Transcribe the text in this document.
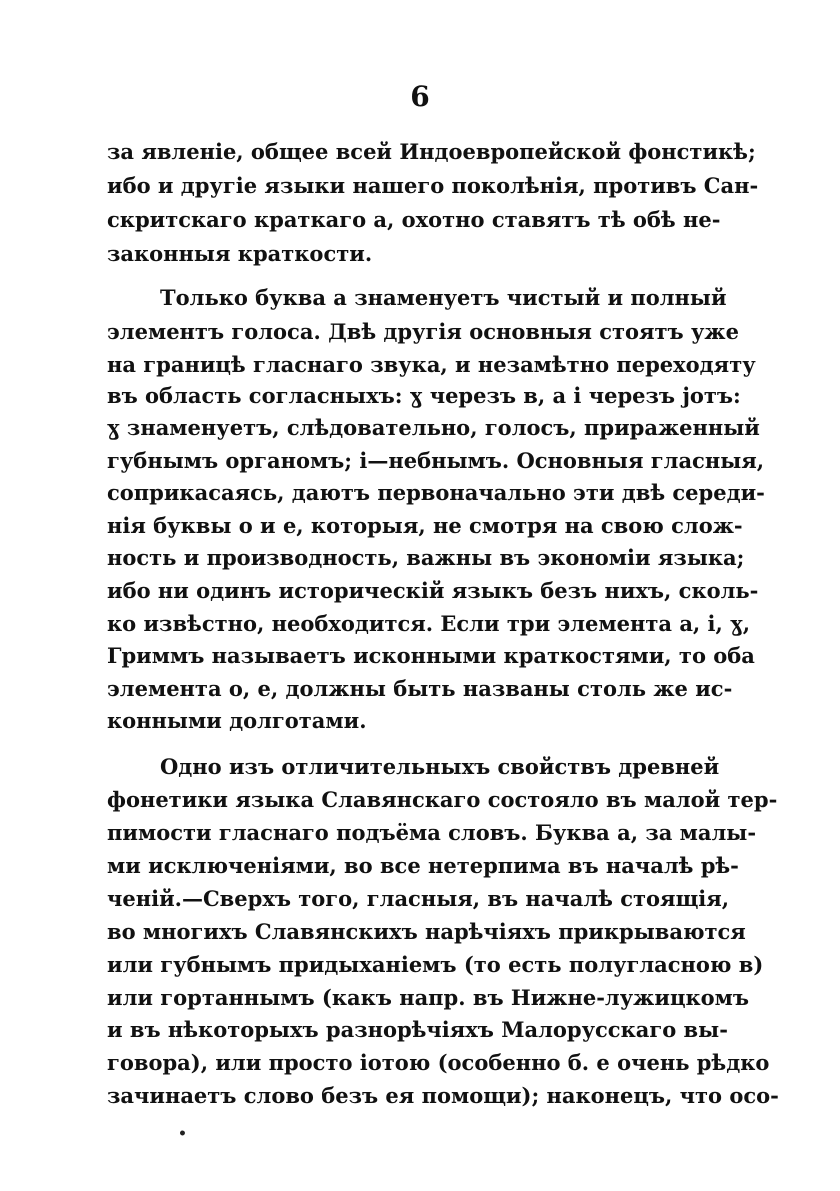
6
за явленіе, общее всей Индоевропейской фонстикѣ;
ибо и другіе языки нашего поколѣнія, противъ Сан-
скритскаго краткаго а, охотно ставятъ тѣ обѣ не-
законныя краткости.
Только буква а знаменуетъ чистый и полный
элементъ голоса. Двѣ другія основныя стоятъ уже
на границѣ гласнаго звука, и незамѣтно переходяту
въ область согласныхъ: ɣ черезъ в, а і черезъ jотъ:
ɣ знаменуетъ, слѣдовательно, голосъ, приpаженный
губнымъ органомъ; і—небнымъ. Основныя гласныя,
соприкасаясь, даютъ первоначально эти двѣ середи-
нія буквы о и е, которыя, не смотря на свою слож-
ность и производность, важны въ экономіи языка;
ибо ни одинъ историческій языкъ безъ нихъ, сколь-
ко извѣстно, необходится. Если три элемента а, і, ɣ,
Гриммъ называетъ исконными краткостями, то оба
элемента о, е, должны быть названы столь же ис-
конными долготами.
Одно изъ отличительныхъ свойствъ древней
фонетики языка Славянскаго состояло въ малой тер-
пимости гласнаго подъёма словъ. Буква а, за малы-
ми исключеніями, во все нетерпима въ началѣ рѣ-
ченій.—Сверхъ того, гласныя, въ началѣ стоящія,
во многихъ Славянскихъ нарѣчіяхъ прикрываются
или губнымъ придыханіемъ (то есть полугласною в)
или гортаннымъ (какъ напр. въ Нижне-лужицкомъ
и въ нѣкоторыхъ разнорѣчіяхъ Малорусскаго вы-
говора), или просто іотою (особенно б. е очень рѣдко
зачинаетъ слово безъ ея помощи); наконецъ, что осо-
•
